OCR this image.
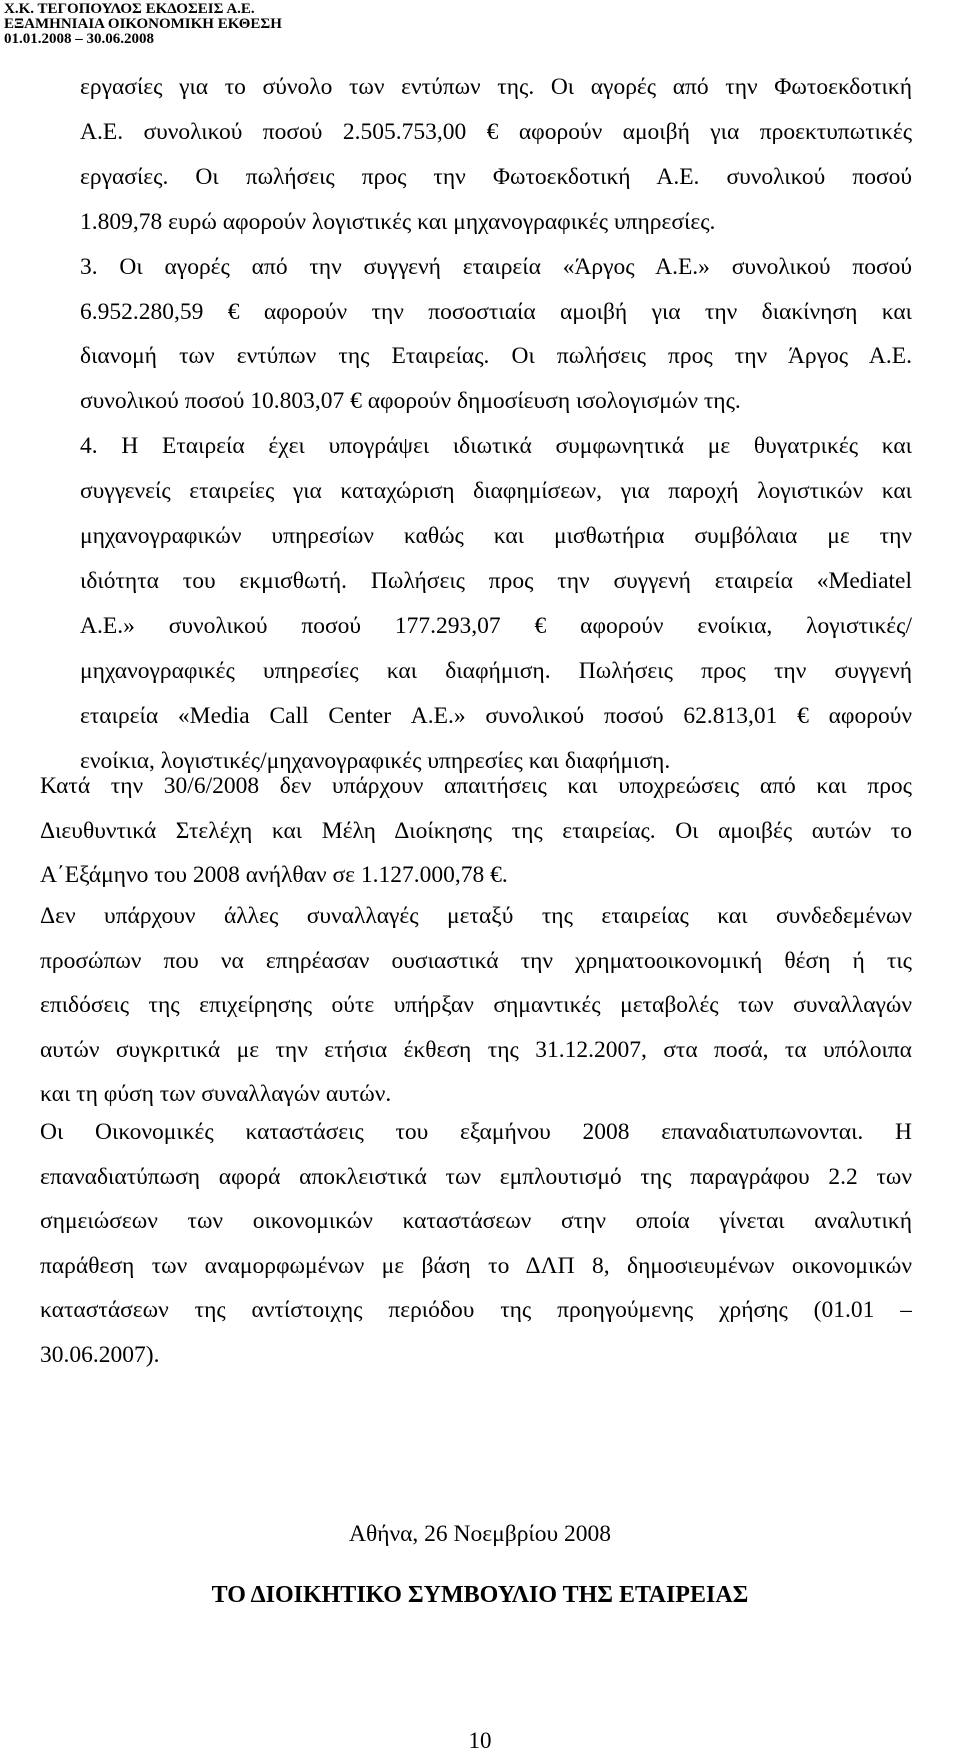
Χ.Κ. ΤΕΓΟΠΟΥΛΟΣ ΕΚΔΟΣΕΙΣ Α.Ε.
ΕΞΑΜΗΝΙΑΙΑ ΟΙΚΟΝΟΜΙΚΗ ΕΚΘΕΣΗ
01.01.2008 – 30.06.2008
εργασίες για το σύνολο των εντύπων της. Οι αγορές από την Φωτοεκδοτική
Α.Ε. συνολικού ποσού 2.505.753,00 € αφορούν αμοιβή για προεκτυπωτικές
εργασίες. Οι πωλήσεις προς την Φωτοεκδοτική Α.Ε. συνολικού ποσού
1.809,78 ευρώ αφορούν λογιστικές και μηχανογραφικές υπηρεσίες.
3. Οι αγορές από την συγγενή εταιρεία «Άργος Α.Ε.» συνολικού ποσού
6.952.280,59 € αφορούν την ποσοστιαία αμοιβή για την διακίνηση και
διανομή των εντύπων της Εταιρείας. Οι πωλήσεις προς την Άργος Α.Ε.
συνολικού ποσού 10.803,07 € αφορούν δημοσίευση ισολογισμών της.
4. Η Εταιρεία έχει υπογράψει ιδιωτικά συμφωνητικά με θυγατρικές και
συγγενείς εταιρείες για καταχώριση διαφημίσεων, για παροχή λογιστικών και
μηχανογραφικών υπηρεσίων καθώς και μισθωτήρια συμβόλαια με την
ιδιότητα του εκμισθωτή. Πωλήσεις προς την συγγενή εταιρεία «Mediatel
Α.Ε.» συνολικού ποσού 177.293,07 € αφορούν ενοίκια, λογιστικές/
μηχανογραφικές υπηρεσίες και διαφήμιση. Πωλήσεις προς την συγγενή
εταιρεία «Media Call Center Α.Ε.» συνολικού ποσού 62.813,01 € αφορούν
ενοίκια, λογιστικές/μηχανογραφικές υπηρεσίες και διαφήμιση.
Κατά την 30/6/2008 δεν υπάρχουν απαιτήσεις και υποχρεώσεις από και προς
Διευθυντικά Στελέχη και Μέλη Διοίκησης της εταιρείας. Οι αμοιβές αυτών το
Α΄Εξάμηνο του 2008 ανήλθαν σε 1.127.000,78 €.
Δεν υπάρχουν άλλες συναλλαγές μεταξύ της εταιρείας και συνδεδεμένων
προσώπων που να επηρέασαν ουσιαστικά την χρηματοοικονομική θέση ή τις
επιδόσεις της επιχείρησης ούτε υπήρξαν σημαντικές μεταβολές των συναλλαγών
αυτών συγκριτικά με την ετήσια έκθεση της 31.12.2007, στα ποσά, τα υπόλοιπα
και τη φύση των συναλλαγών αυτών.
Οι Οικονομικές καταστάσεις του εξαμήνου 2008 επαναδιατυπωνονται. Η
επαναδιατύπωση αφορά αποκλειστικά των εμπλουτισμό της παραγράφου 2.2 των
σημειώσεων των οικονομικών καταστάσεων στην οποία γίνεται αναλυτική
παράθεση των αναμορφωμένων με βάση το ΔΛΠ 8, δημοσιευμένων οικονομικών
καταστάσεων της αντίστοιχης περιόδου της προηγούμενης χρήσης (01.01 –
30.06.2007).
Αθήνα, 26 Νοεμβρίου 2008
ΤΟ ΔΙΟΙΚΗΤΙΚΟ ΣΥΜΒΟΥΛΙΟ ΤΗΣ ΕΤΑΙΡΕΙΑΣ
10
